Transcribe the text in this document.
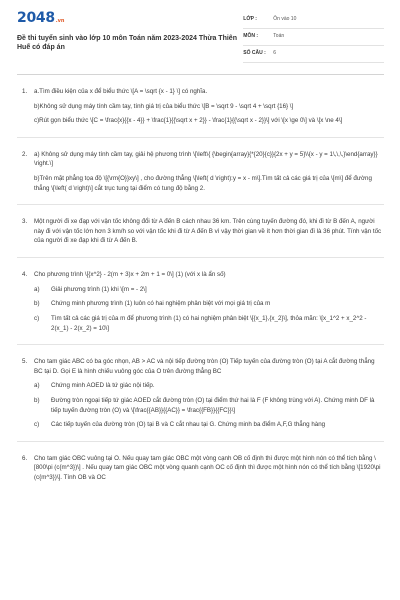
2048 .vn
Đề thi tuyển sinh vào lớp 10 môn Toán năm 2023-2024 Thừa Thiên Huế có đáp án
LỚP :	Ôn vào 10
MÔN :	Toán
SỐ CÂU :	6
1.	a.Tìm điều kiện của x để biểu thức \[A = \sqrt {x - 1} \] có nghĩa.

b)Không sử dụng máy tính cầm tay, tính giá trị của biểu thức \[B = \sqrt 9 - \sqrt 4 + \sqrt {16} \]

c)Rút gọn biểu thức \[C = \frac{x}{{x - 4}} + \frac{1}{{\sqrt x + 2}} - \frac{1}{{\sqrt x - 2}}\] với \[x \ge 0\] và \[x \ne 4\]

2.	a) Không sử dụng máy tính cầm tay, giải hệ phương trình \[\left\{ {\begin{array}{*{20}{c}}{2x + y = 5}\\{x - y = 1\,\,\,}\end{array}} \right.\]

b)Trên mặt phẳng tọa độ \[{\rm{O}}xy\] , cho đường thẳng \[\left( d \right):y = x - m\].Tìm tất cả các giá trị của \[m\] để đường thẳng \[\left( d \right)\] cắt trục tung tại điểm có tung độ bằng 2.

3.	Một người đi xe đạp với vận tốc không đổi từ A đến B cách nhau 36 km. Trên cùng tuyến đường đó, khi đi từ B đến A, người này đi với vận tốc lớn hơn 3 km/h so với vận tốc khi đi từ A đến B vì vậy thời gian về ít hơn thời gian đi là 36 phút. Tính vận tốc của người đi xe đạp khi đi từ A đến B.

4.	Cho phương trình \[{x^2} - 2(m + 3)x + 2m + 1 = 0\] (1) (với x là ẩn số)

a)	Giải phương trình (1) khi \[m = - 2\]
b)	Chứng minh phương trình (1) luôn có hai nghiệm phân biệt với mọi giá trị của m
c)	Tìm tất cả các giá trị của m để phương trình (1) có hai nghiệm phân biệt \[{x_1},{x_2}\], thỏa mãn: \[x_1^2 + x_2^2 - 2(x_1) - 2(x_2) = 10\]
5.	Cho tam giác ABC có ba góc nhọn, AB > AC và nội tiếp đường tròn (O) Tiếp tuyến của đường tròn (O) tại A cắt đường thẳng BC tại D. Gọi E là hình chiếu vuông góc của O trên đường thẳng BC

a)	Chứng minh AOED là tứ giác nội tiếp.
b)	Đường tròn ngoại tiếp tứ giác AOED cắt đường tròn (O) tại điểm thứ hai là F (F không trùng với A). Chứng minh DF là tiếp tuyến đường tròn (O) và \[\frac{{AB}}{{AC}} = \frac{{FB}}{{FC}}\]
c)	Các tiếp tuyến của đường tròn (O) tại B và C cắt nhau tại G. Chứng minh ba điểm A,F,G thẳng hàng
6.	Cho tam giác OBC vuông tại O. Nếu quay tam giác OBC một vòng cạnh OB cố định thì được một hình nón có thể tích bằng \[800\pi (c{m^3})\] . Nếu quay tam giác OBC một vòng quanh cạnh OC cố định thì được một hình nón có thể tích bằng \[1920\pi (c{m^3})\]. Tính OB và OC
